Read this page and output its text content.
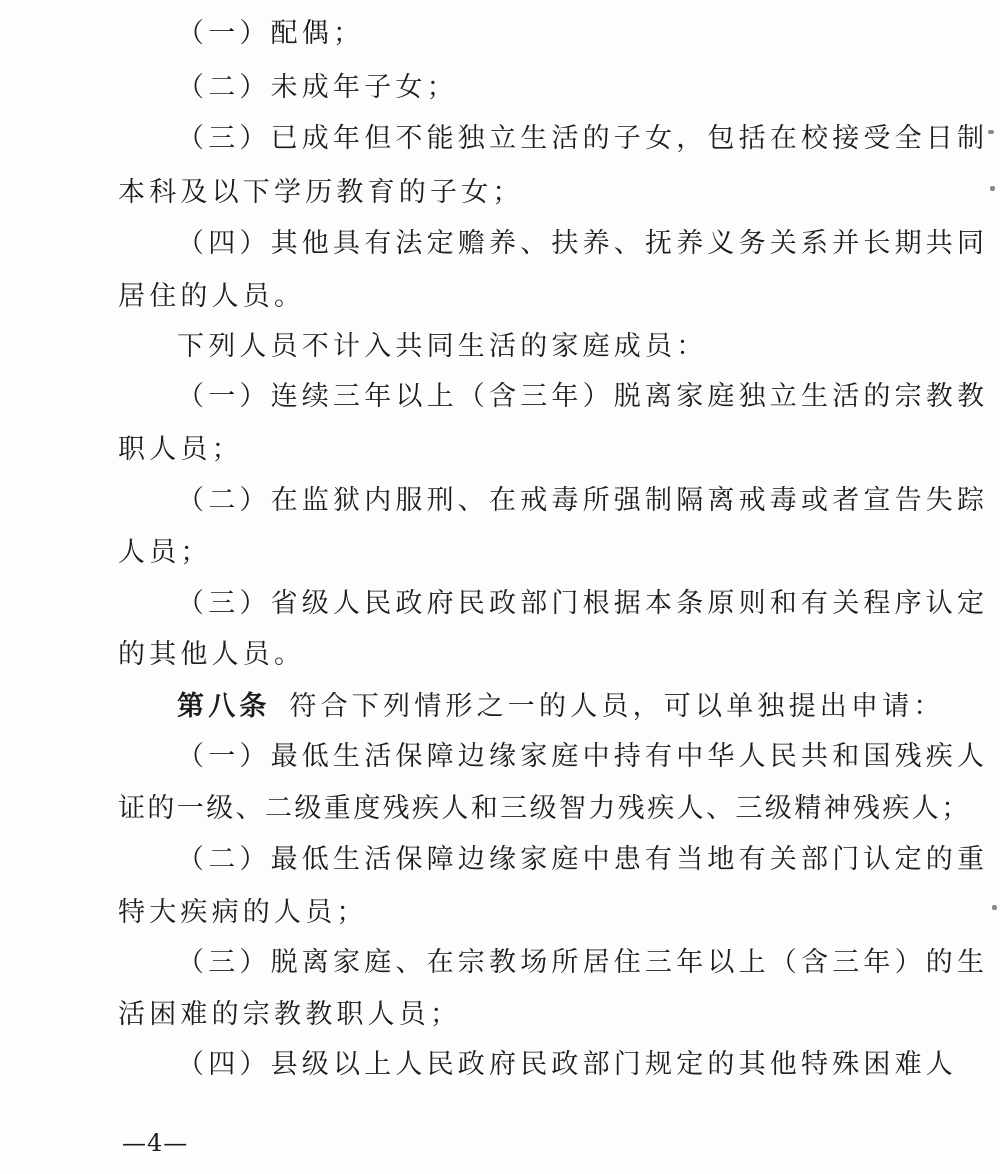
（一）配偶；
（二）未成年子女；
（三）已成年但不能独立生活的子女，包括在校接受全日制
本科及以下学历教育的子女；
（四）其他具有法定赡养、扶养、抚养义务关系并长期共同
居住的人员。
下列人员不计入共同生活的家庭成员：
（一）连续三年以上（含三年）脱离家庭独立生活的宗教教
职人员；
（二）在监狱内服刑、在戒毒所强制隔离戒毒或者宣告失踪
人员；
（三）省级人民政府民政部门根据本条原则和有关程序认定
的其他人员。
第八条 符合下列情形之一的人员，可以单独提出申请：
（一）最低生活保障边缘家庭中持有中华人民共和国残疾人
证的一级、二级重度残疾人和三级智力残疾人、三级精神残疾人；
（二）最低生活保障边缘家庭中患有当地有关部门认定的重
特大疾病的人员；
（三）脱离家庭、在宗教场所居住三年以上（含三年）的生
活困难的宗教教职人员；
（四）县级以上人民政府民政部门规定的其他特殊困难人
—4—
